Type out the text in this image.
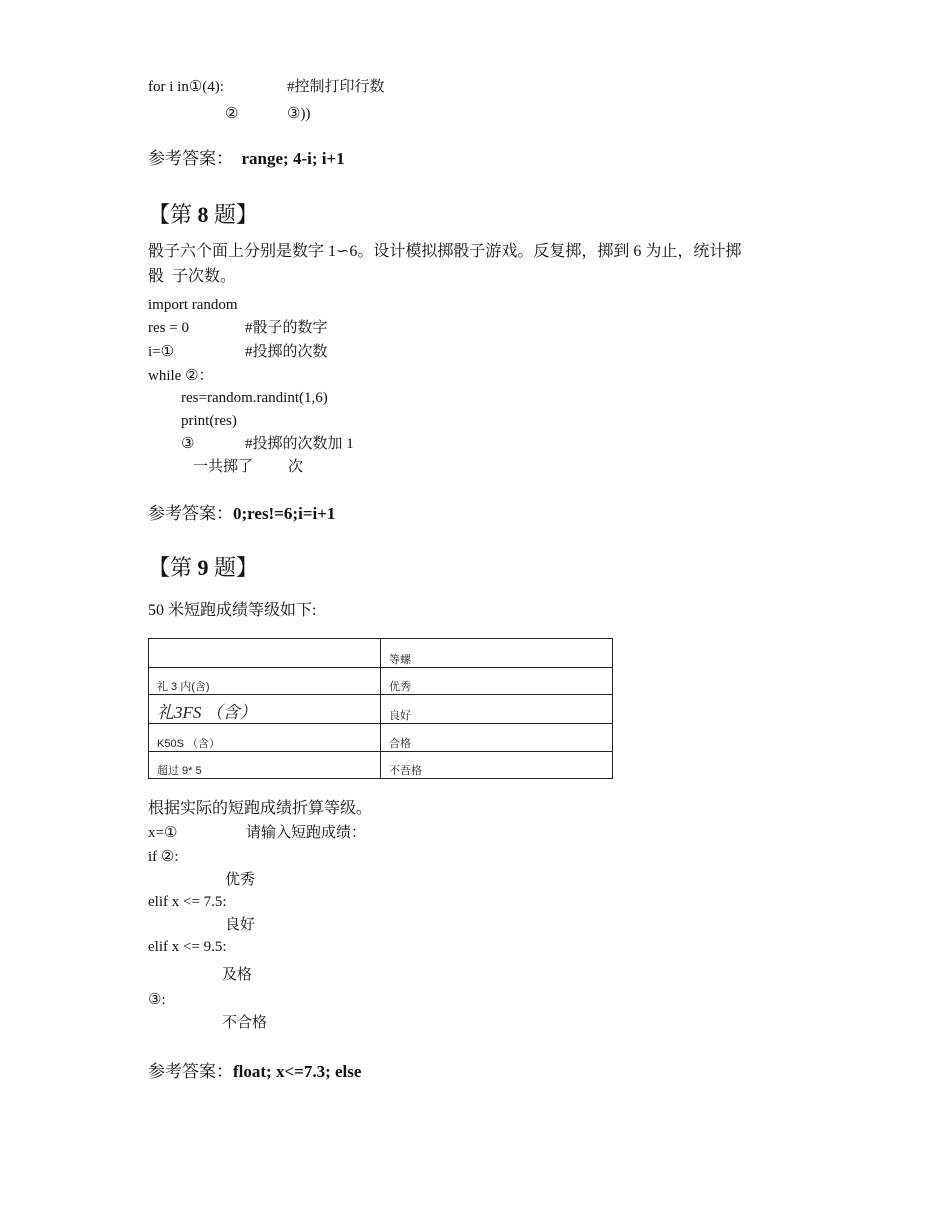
for i in①(4):	#控制打印行数
②	③))
参考答案： range; 4-i; i+1
【第 8 题】
骰子六个面上分别是数字 1∽6。设计模拟掷骰子游戏。反复掷，掷到 6 为止，统计掷
骰  子次数。
import random
res = 0	#骰子的数字
i=①	#投掷的次数
while ②：
res=random.randint(1,6)
print(res)
③	#投掷的次数加 1
一共掷了 次
参考答案：0;res!=6;i=i+1
【第 9 题】
50 米短跑成绩等级如下:
	等螺
礼 3 内(含)	优秀
礼3FS （含）	良好
K50S （含）	合格
超过 9* 5	不吾格
根据实际的短跑成绩折算等级。
x=①	请输入短跑成绩：
if ②:
优秀
elif x <= 7.5:
良好
elif x <= 9.5:
及格
③:
不合格
参考答案：float; x<=7.3; else
